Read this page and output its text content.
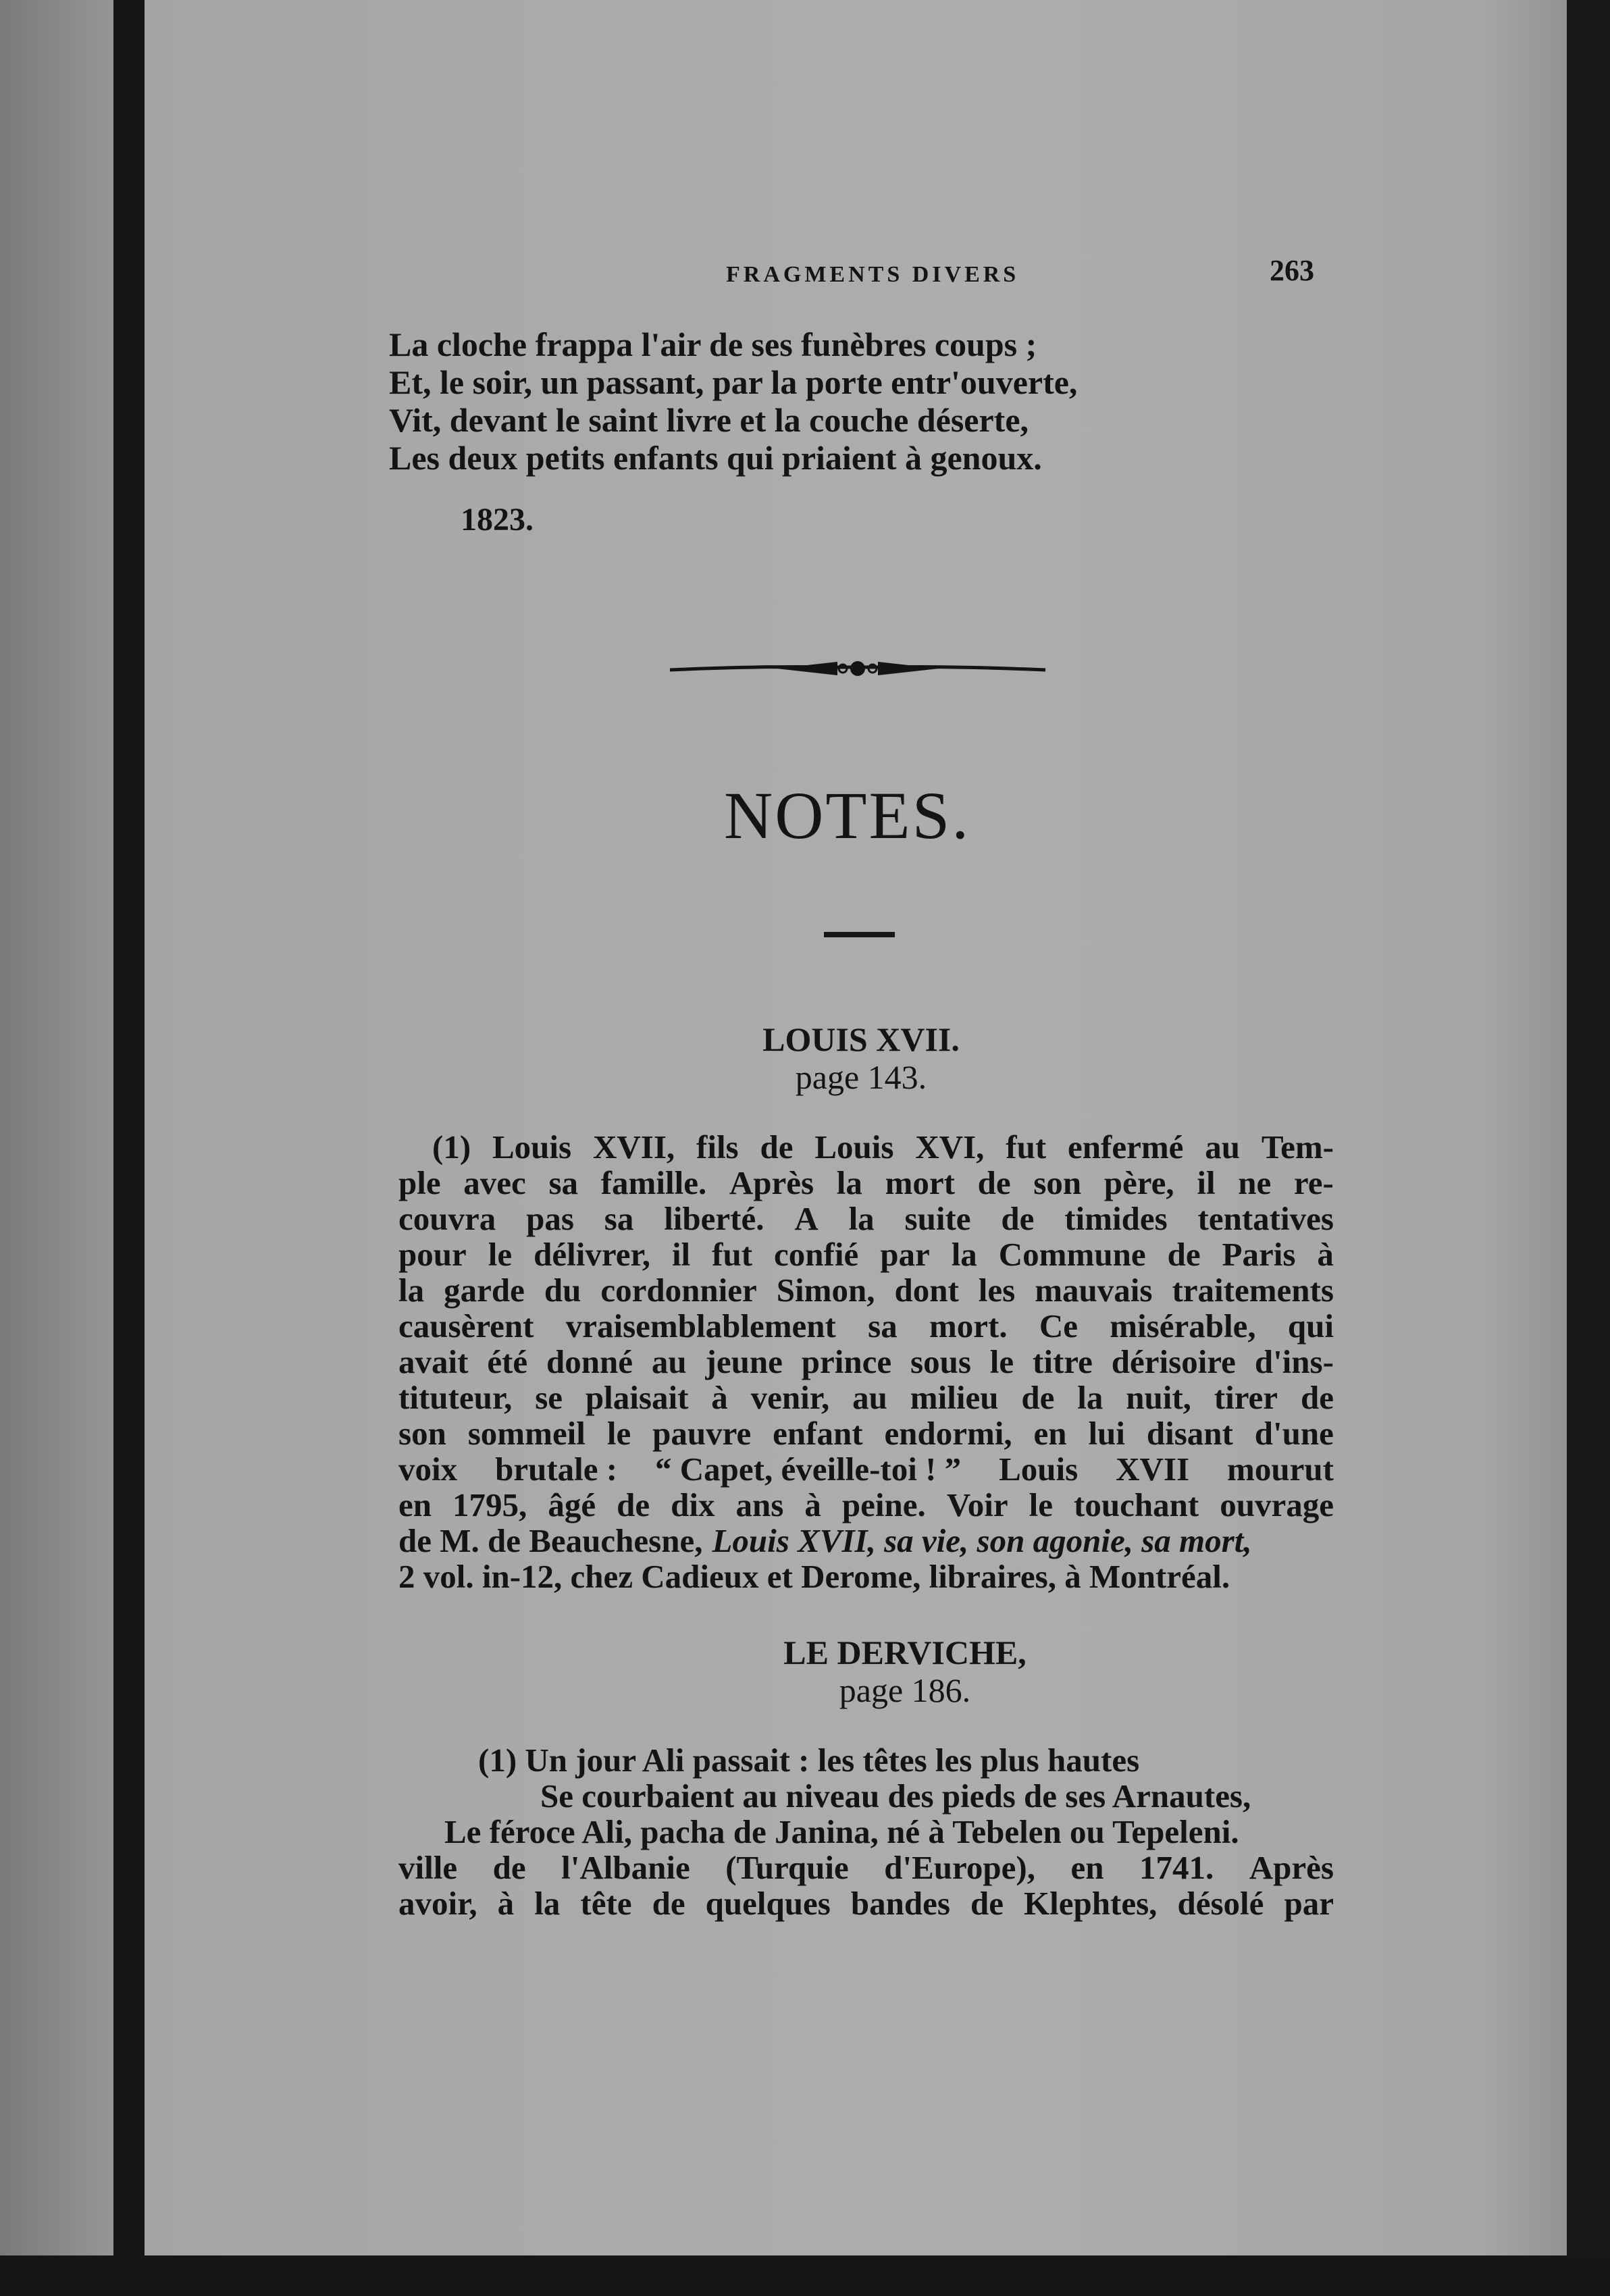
FRAGMENTS DIVERS	263
La cloche frappa l'air de ses funèbres coups ;
Et, le soir, un passant, par la porte entr'ouverte,
Vit, devant le saint livre et la couche déserte,
Les deux petits enfants qui priaient à genoux.
1823.
NOTES.
LOUIS XVII.
page 143.
(1) Louis XVII, fils de Louis XVI, fut enfermé au Tem-
ple avec sa famille. Après la mort de son père, il ne re-
couvra pas sa liberté. A la suite de timides tentatives
pour le délivrer, il fut confié par la Commune de Paris à
la garde du cordonnier Simon, dont les mauvais traitements
causèrent vraisemblablement sa mort. Ce misérable, qui
avait été donné au jeune prince sous le titre dérisoire d'ins-
tituteur, se plaisait à venir, au milieu de la nuit, tirer de
son sommeil le pauvre enfant endormi, en lui disant d'une
voix brutale : “ Capet, éveille-toi ! ” Louis XVII mourut
en 1795, âgé de dix ans à peine. Voir le touchant ouvrage
de M. de Beauchesne, Louis XVII, sa vie, son agonie, sa mort,
2 vol. in-12, chez Cadieux et Derome, libraires, à Montréal.
LE DERVICHE,
page 186.
(1) Un jour Ali passait : les têtes les plus hautes
Se courbaient au niveau des pieds de ses Arnautes,
Le féroce Ali, pacha de Janina, né à Tebelen ou Tepeleni.
ville de l'Albanie (Turquie d'Europe), en 1741. Après
avoir, à la tête de quelques bandes de Klephtes, désolé par
